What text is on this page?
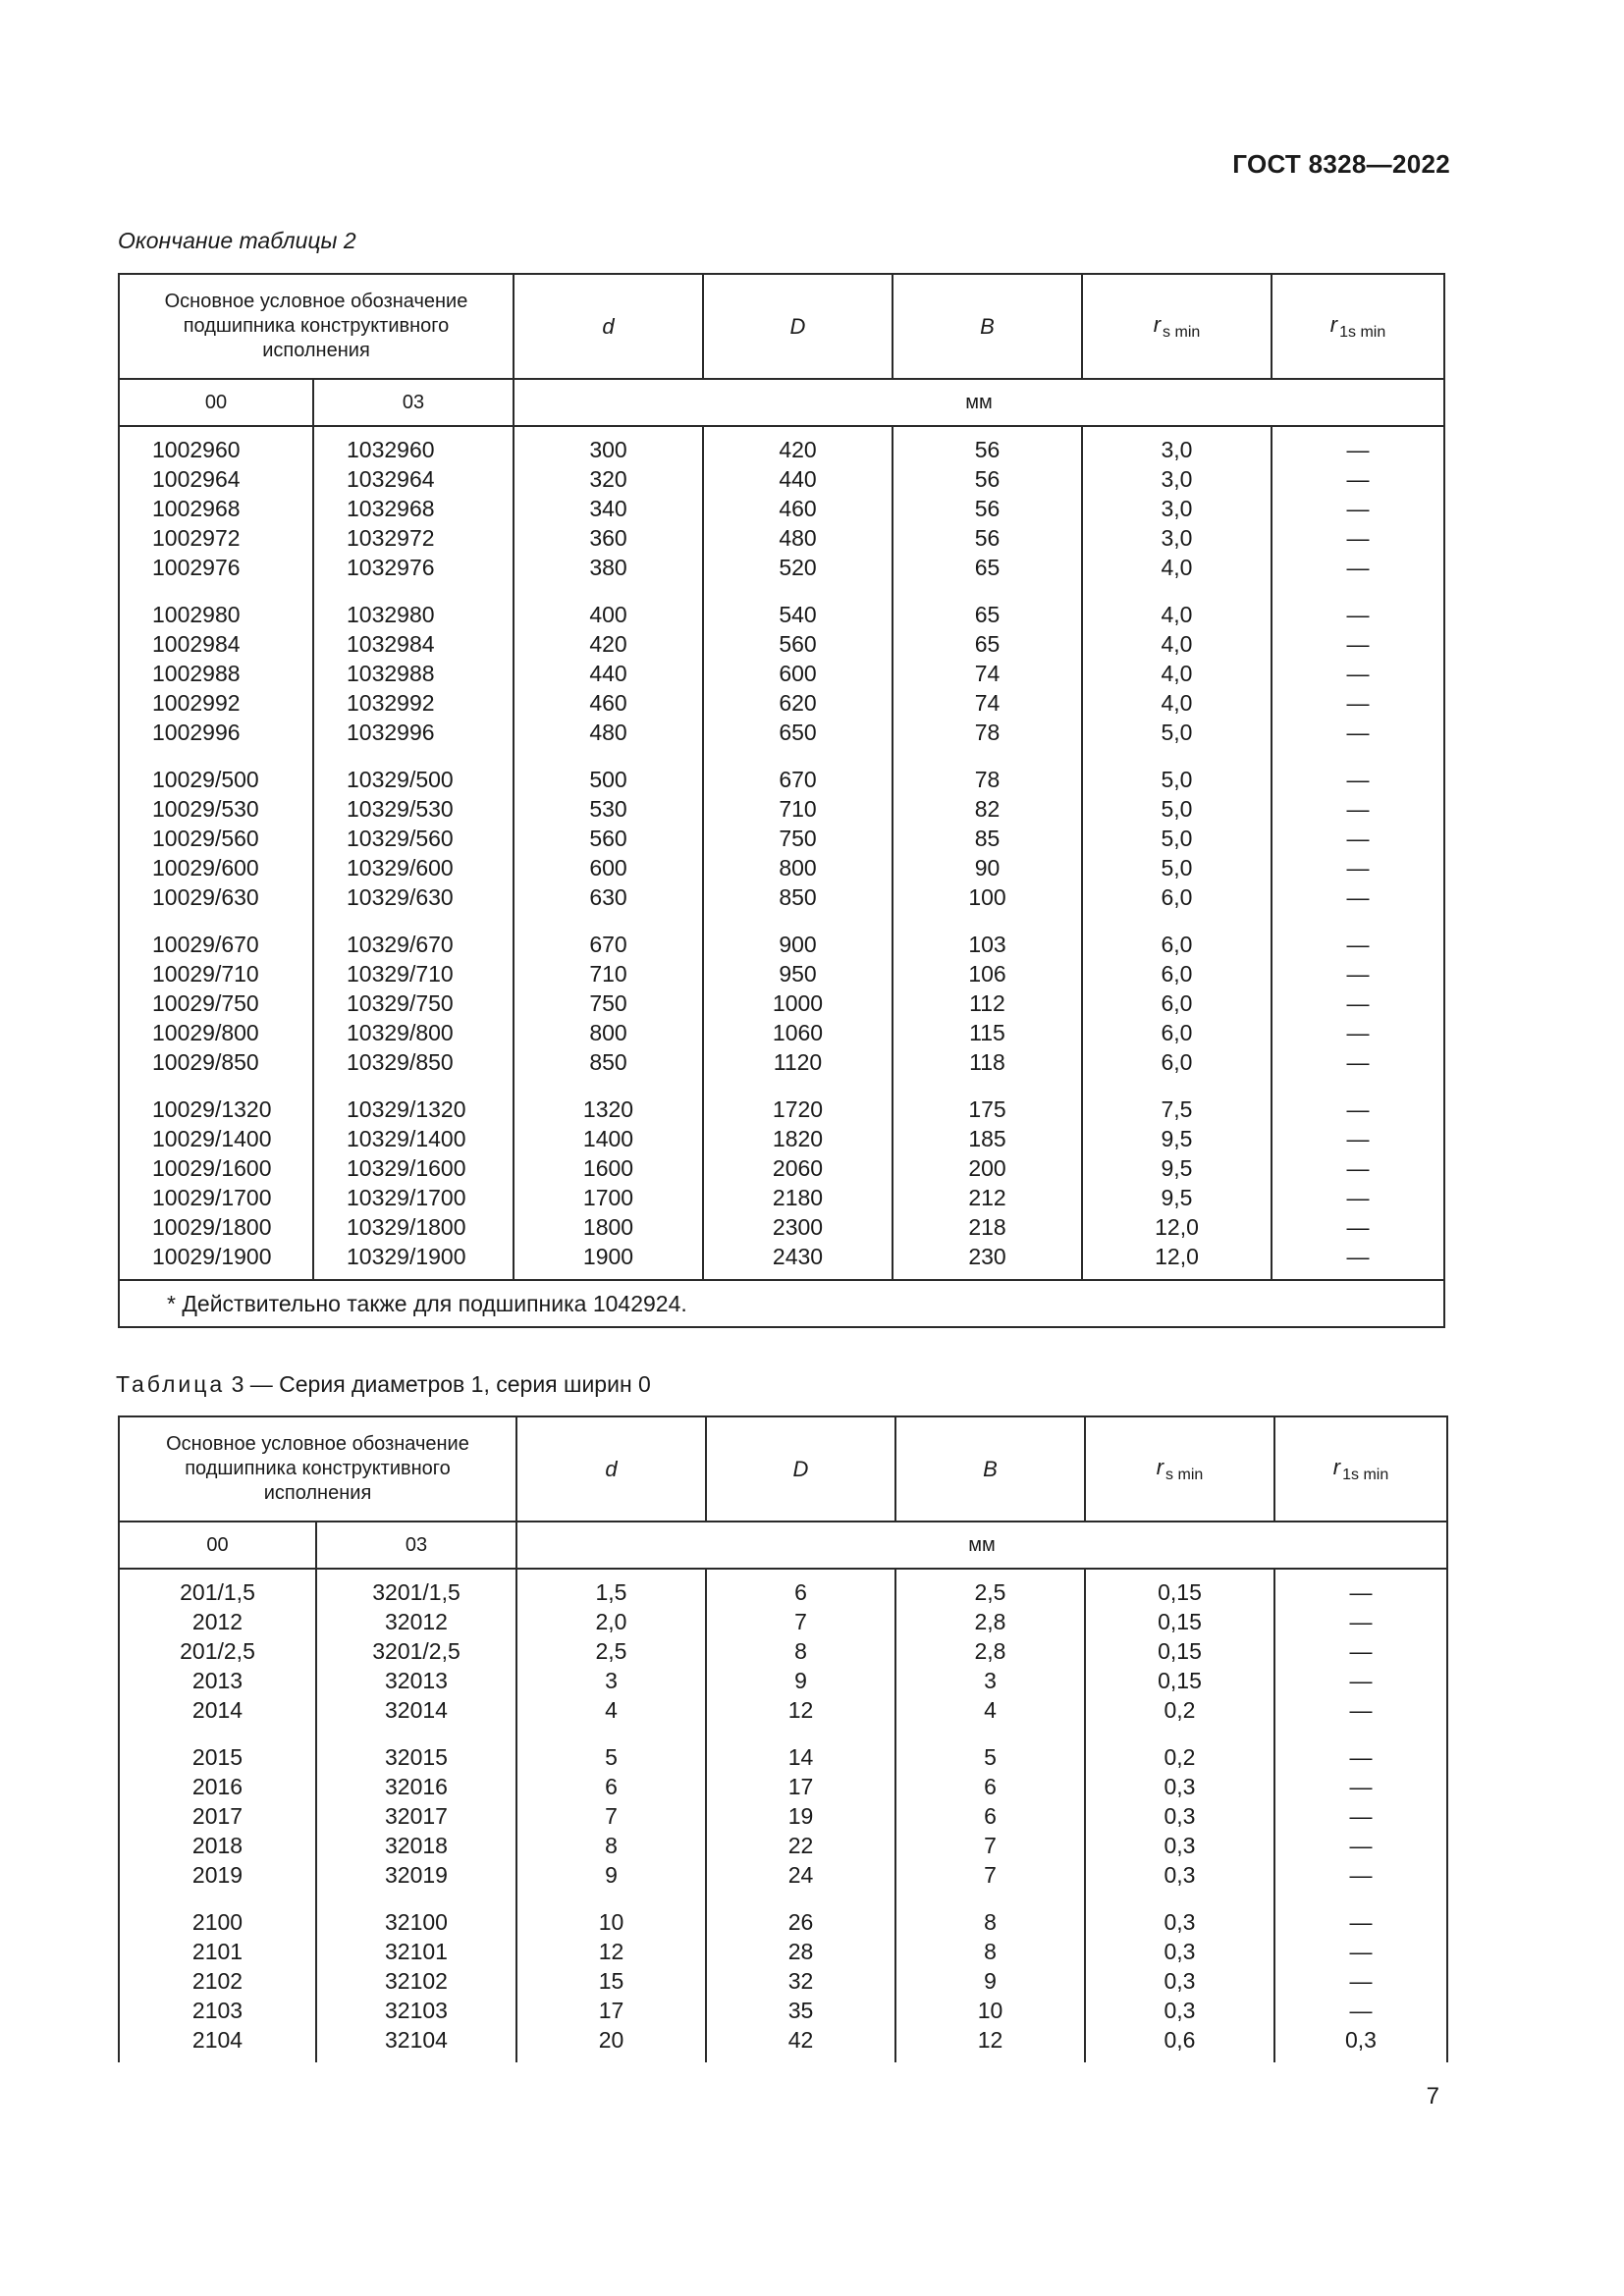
ГОСТ 8328—2022
Окончание таблицы 2
Основное условное обозначение подшипника конструктивного исполнения		d	D	B	r $_{s min}$	r $_{1s min}$
00	03	мм				
1002960	1032960	300	420	56	3,0	—
1002964	1032964	320	440	56	3,0	—
1002968	1032968	340	460	56	3,0	—
1002972	1032972	360	480	56	3,0	—
1002976	1032976	380	520	65	4,0	—
1002980	1032980	400	540	65	4,0	—
1002984	1032984	420	560	65	4,0	—
1002988	1032988	440	600	74	4,0	—
1002992	1032992	460	620	74	4,0	—
1002996	1032996	480	650	78	5,0	—
10029/500	10329/500	500	670	78	5,0	—
10029/530	10329/530	530	710	82	5,0	—
10029/560	10329/560	560	750	85	5,0	—
10029/600	10329/600	600	800	90	5,0	—
10029/630	10329/630	630	850	100	6,0	—
10029/670	10329/670	670	900	103	6,0	—
10029/710	10329/710	710	950	106	6,0	—
10029/750	10329/750	750	1000	112	6,0	—
10029/800	10329/800	800	1060	115	6,0	—
10029/850	10329/850	850	1120	118	6,0	—
10029/1320	10329/1320	1320	1720	175	7,5	—
10029/1400	10329/1400	1400	1820	185	9,5	—
10029/1600	10329/1600	1600	2060	200	9,5	—
10029/1700	10329/1700	1700	2180	212	9,5	—
10029/1800	10329/1800	1800	2300	218	12,0	—
10029/1900	10329/1900	1900	2430	230	12,0	—
* Действительно также для подшипника 1042924.						
Таблица 3 — Серия диаметров 1, серия ширин 0
Основное условное обозначение подшипника конструктивного исполнения		d	D	B	r $_{s min}$	r $_{1s min}$
00	03	мм				
201/1,5	3201/1,5	1,5	6	2,5	0,15	—
2012	32012	2,0	7	2,8	0,15	—
201/2,5	3201/2,5	2,5	8	2,8	0,15	—
2013	32013	3	9	3	0,15	—
2014	32014	4	12	4	0,2	—
2015	32015	5	14	5	0,2	—
2016	32016	6	17	6	0,3	—
2017	32017	7	19	6	0,3	—
2018	32018	8	22	7	0,3	—
2019	32019	9	24	7	0,3	—
2100	32100	10	26	8	0,3	—
2101	32101	12	28	8	0,3	—
2102	32102	15	32	9	0,3	—
2103	32103	17	35	10	0,3	—
2104	32104	20	42	12	0,6	0,3
7
